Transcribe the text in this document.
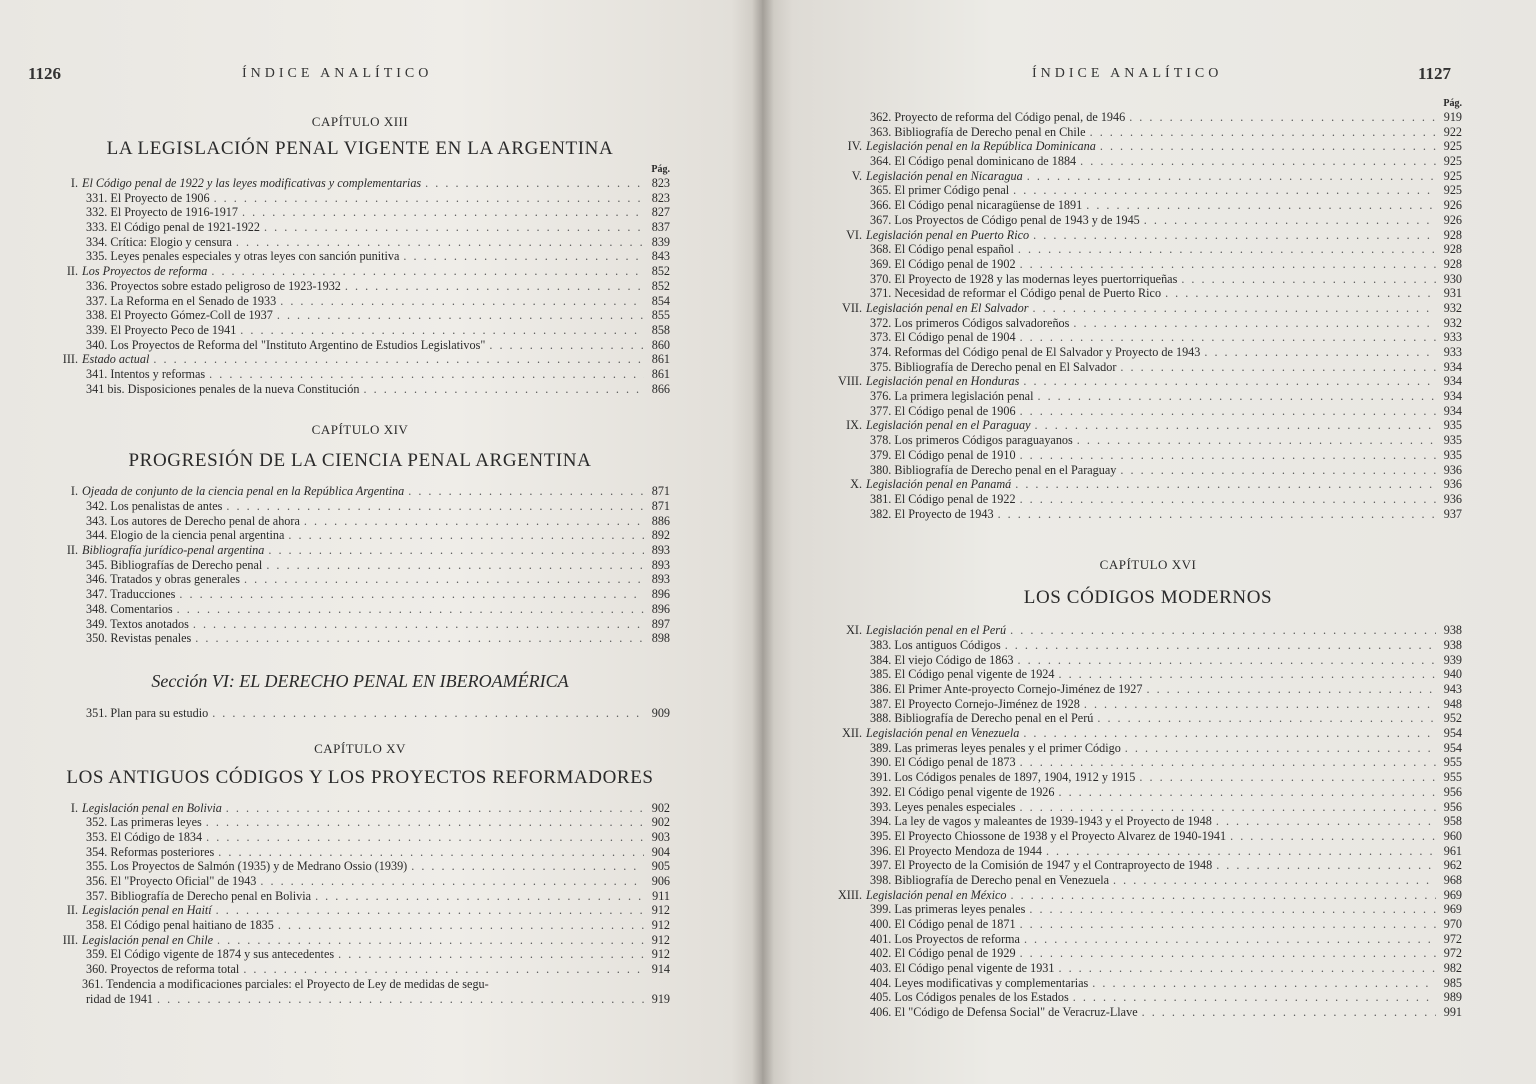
1126	ÍNDICE ANALÍTICO
CAPÍTULO XIII
LA LEGISLACIÓN PENAL VIGENTE EN LA ARGENTINA
Pág.
I. El Código penal de 1922 y las leyes modificativas y complementarias . . .	823
331. El Proyecto de 1906 . . .	823
332. El Proyecto de 1916-1917 . . .	827
333. El Código penal de 1921-1922 . . .	837
334. Crítica: Elogio y censura . . .	839
335. Leyes penales especiales y otras leyes con sanción punitiva . . .	843
II. Los Proyectos de reforma . . .	852
336. Proyectos sobre estado peligroso de 1923-1932 . . .	852
337. La Reforma en el Senado de 1933 . . .	854
338. El Proyecto Gómez-Coll de 1937 . . .	855
339. El Proyecto Peco de 1941 . . .	858
340. Los Proyectos de Reforma del "Instituto Argentino de Estudios Legislativos" . . .	860
III. Estado actual . . .	861
341. Intentos y reformas . . .	861
341 bis. Disposiciones penales de la nueva Constitución . . .	866
CAPÍTULO XIV
PROGRESIÓN DE LA CIENCIA PENAL ARGENTINA
I. Ojeada de conjunto de la ciencia penal en la República Argentina . . .	871
342. Los penalistas de antes . . .	871
343. Los autores de Derecho penal de ahora . . .	886
344. Elogio de la ciencia penal argentina . . .	892
II. Bibliografía jurídico-penal argentina . . .	893
345. Bibliografías de Derecho penal . . .	893
346. Tratados y obras generales . . .	893
347. Traducciones . . .	896
348. Comentarios . . .	896
349. Textos anotados . . .	897
350. Revistas penales . . .	898
Sección VI: EL DERECHO PENAL EN IBEROAMÉRICA
351. Plan para su estudio . . .	909
CAPÍTULO XV
LOS ANTIGUOS CÓDIGOS Y LOS PROYECTOS REFORMADORES
I. Legislación penal en Bolivia . . .	902
352. Las primeras leyes . . .	902
353. El Código de 1834 . . .	903
354. Reformas posteriores . . .	904
355. Los Proyectos de Salmón (1935) y de Medrano Ossio (1939) . . .	905
356. El "Proyecto Oficial" de 1943 . . .	906
357. Bibliografía de Derecho penal en Bolivia . . .	911
II. Legislación penal en Haití . . .	912
358. El Código penal haitiano de 1835 . . .	912
III. Legislación penal en Chile . . .	912
359. El Código vigente de 1874 y sus antecedentes . . .	912
360. Proyectos de reforma total . . .	914
361. Tendencia a modificaciones parciales: el Proyecto de Ley de medidas de segu-
ridad de 1941 . . .	919
ÍNDICE ANALÍTICO	1127
Pág.
362. Proyecto de reforma del Código penal, de 1946 . . .	919
363. Bibliografía de Derecho penal en Chile . . .	922
IV. Legislación penal en la República Dominicana . . .	925
364. El Código penal dominicano de 1884 . . .	925
V. Legislación penal en Nicaragua . . .	925
365. El primer Código penal . . .	925
366. El Código penal nicaragüense de 1891 . . .	926
367. Los Proyectos de Código penal de 1943 y de 1945 . . .	926
VI. Legislación penal en Puerto Rico . . .	928
368. El Código penal español . . .	928
369. El Código penal de 1902 . . .	928
370. El Proyecto de 1928 y las modernas leyes puertorriqueñas . . .	930
371. Necesidad de reformar el Código penal de Puerto Rico . . .	931
VII. Legislación penal en El Salvador . . .	932
372. Los primeros Códigos salvadoreños . . .	932
373. El Código penal de 1904 . . .	933
374. Reformas del Código penal de El Salvador y Proyecto de 1943 . . .	933
375. Bibliografía de Derecho penal en El Salvador . . .	934
VIII. Legislación penal en Honduras . . .	934
376. La primera legislación penal . . .	934
377. El Código penal de 1906 . . .	934
IX. Legislación penal en el Paraguay . . .	935
378. Los primeros Códigos paraguayanos . . .	935
379. El Código penal de 1910 . . .	935
380. Bibliografía de Derecho penal en el Paraguay . . .	936
X. Legislación penal en Panamá . . .	936
381. El Código penal de 1922 . . .	936
382. El Proyecto de 1943 . . .	937
CAPÍTULO XVI
LOS CÓDIGOS MODERNOS
XI. Legislación penal en el Perú . . .	938
383. Los antiguos Códigos . . .	938
384. El viejo Código de 1863 . . .	939
385. El Código penal vigente de 1924 . . .	940
386. El Primer Ante-proyecto Cornejo-Jiménez de 1927 . . .	943
387. El Proyecto Cornejo-Jiménez de 1928 . . .	948
388. Bibliografía de Derecho penal en el Perú . . .	952
XII. Legislación penal en Venezuela . . .	954
389. Las primeras leyes penales y el primer Código . . .	954
390. El Código penal de 1873 . . .	955
391. Los Códigos penales de 1897, 1904, 1912 y 1915 . . .	955
392. El Código penal vigente de 1926 . . .	956
393. Leyes penales especiales . . .	956
394. La ley de vagos y maleantes de 1939-1943 y el Proyecto de 1948 . . .	958
395. El Proyecto Chiossone de 1938 y el Proyecto Alvarez de 1940-1941 . . .	960
396. El Proyecto Mendoza de 1944 . . .	961
397. El Proyecto de la Comisión de 1947 y el Contraproyecto de 1948 . . .	962
398. Bibliografía de Derecho penal en Venezuela . . .	968
XIII. Legislación penal en México . . .	969
399. Las primeras leyes penales . . .	969
400. El Código penal de 1871 . . .	970
401. Los Proyectos de reforma . . .	972
402. El Código penal de 1929 . . .	972
403. El Código penal vigente de 1931 . . .	982
404. Leyes modificativas y complementarias . . .	985
405. Los Códigos penales de los Estados . . .	989
406. El "Código de Defensa Social" de Veracruz-Llave . . .	991
